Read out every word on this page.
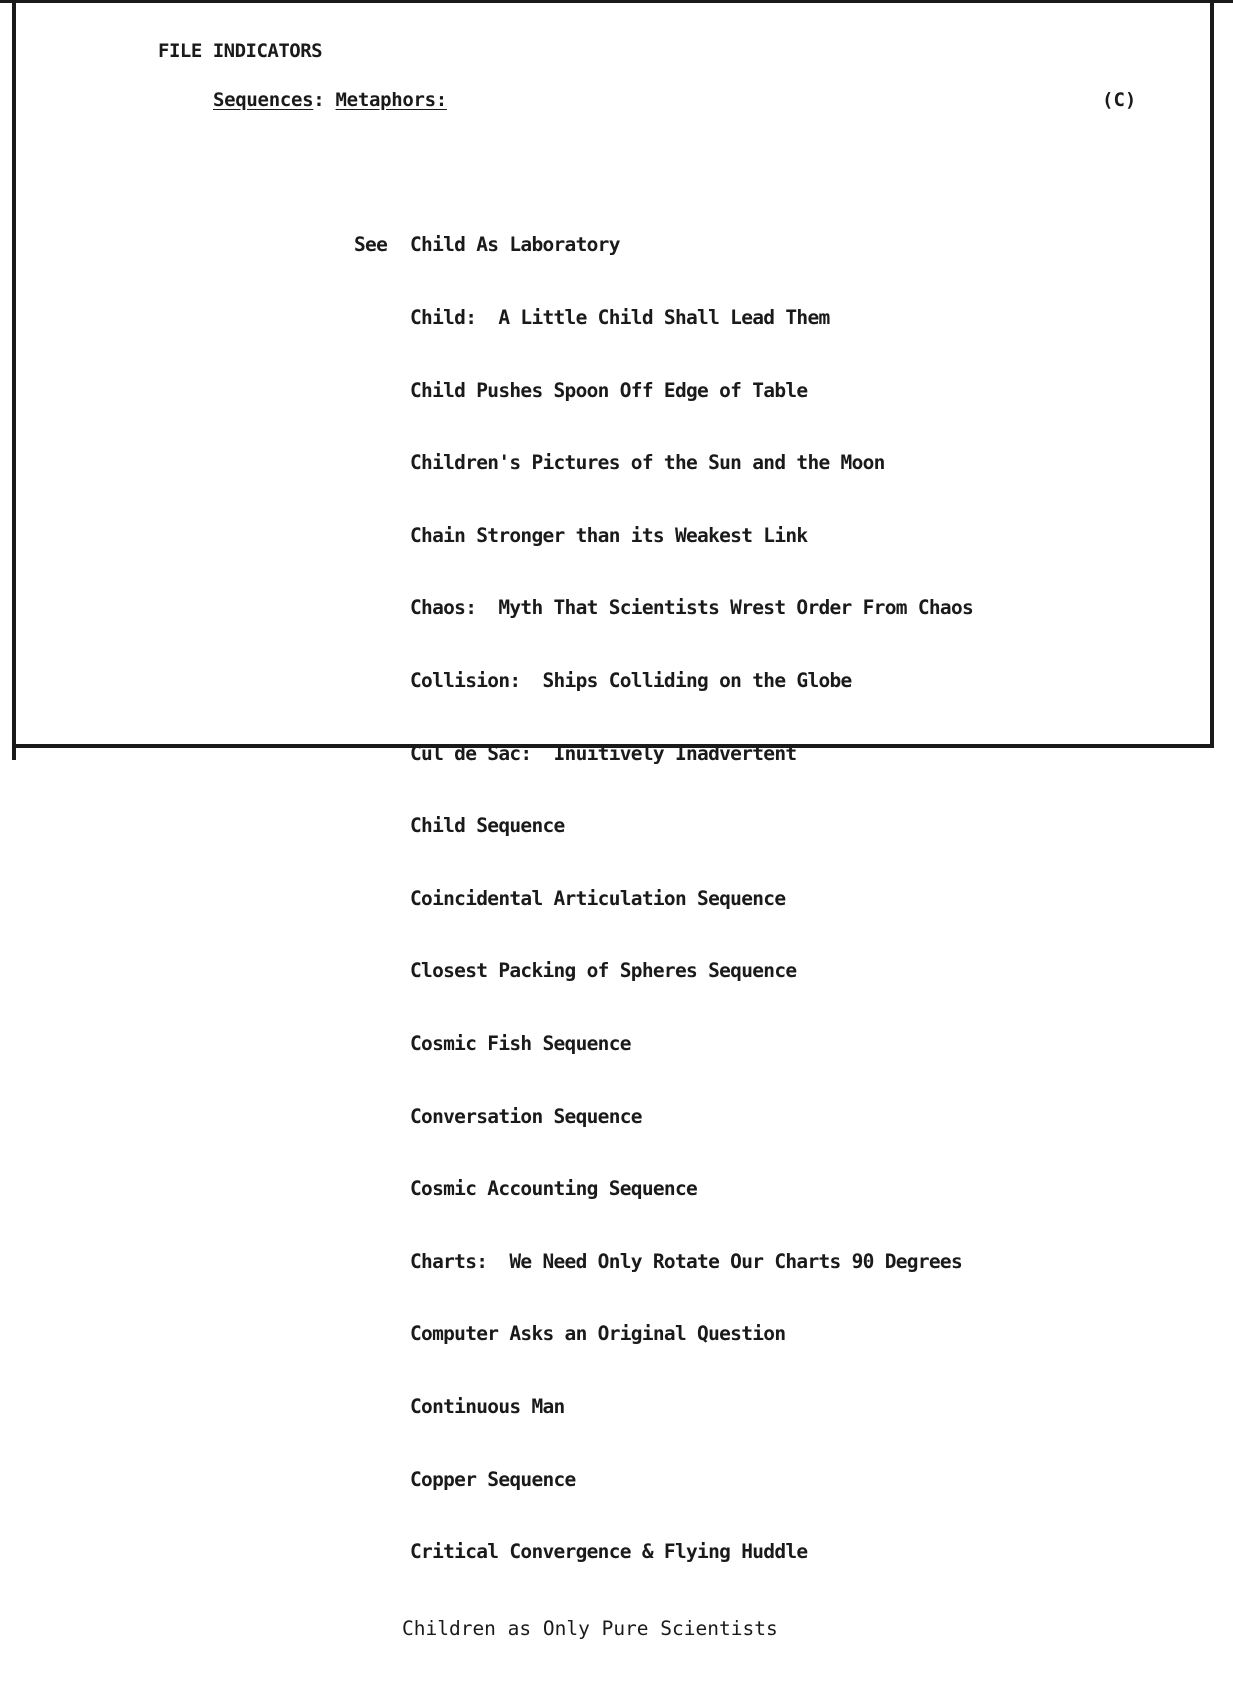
FILE INDICATORS
Sequences: Metaphors:	(C)

See Child As Laboratory

Child:  A Little Child Shall Lead Them

Child Pushes Spoon Off Edge of Table

Children's Pictures of the Sun and the Moon

Chain Stronger than its Weakest Link

Chaos:  Myth That Scientists Wrest Order From Chaos

Collision:  Ships Colliding on the Globe

Cul de Sac:  Inuitively Inadvertent

Child Sequence

Coincidental Articulation Sequence

Closest Packing of Spheres Sequence

Cosmic Fish Sequence

Conversation Sequence

Cosmic Accounting Sequence

Charts:  We Need Only Rotate Our Charts 90 Degrees

Computer Asks an Original Question

Continuous Man

Copper Sequence

Critical Convergence & Flying Huddle

Children as Only Pure Scientists
